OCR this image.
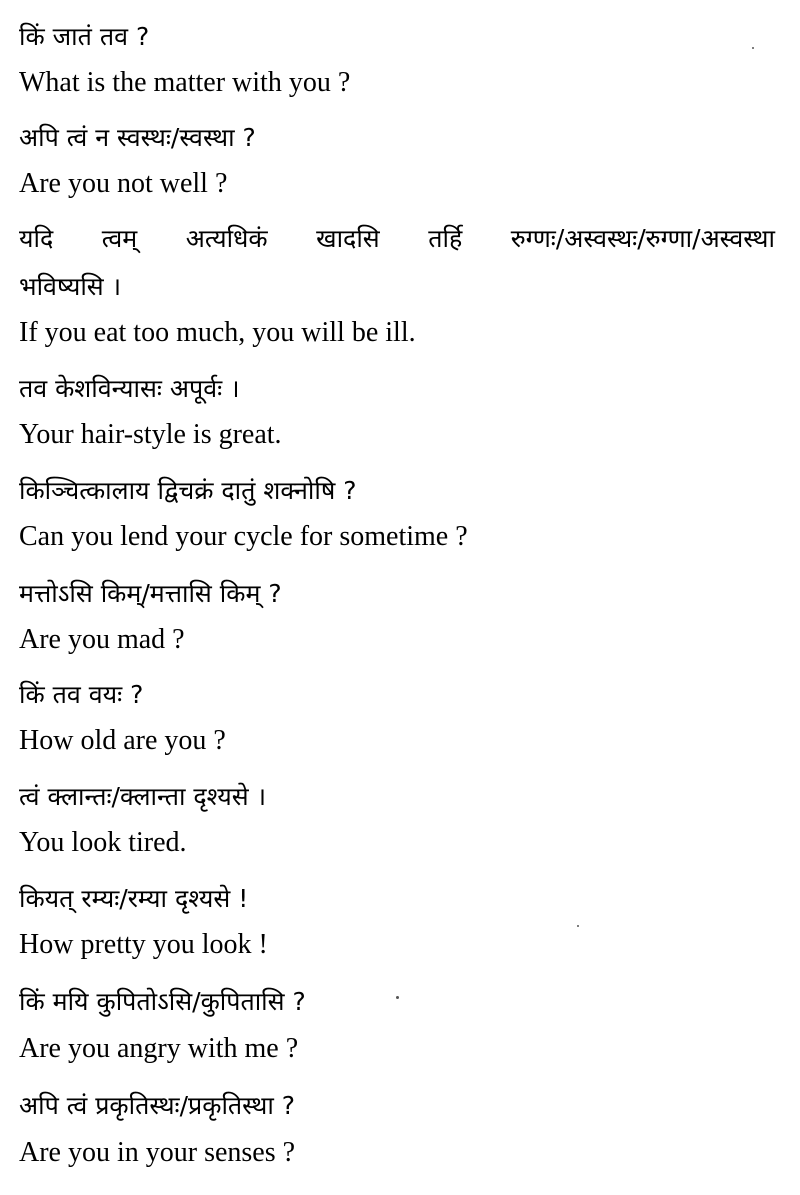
किं जातं तव ?
What is the matter with you ?
अपि त्वं न स्वस्थः/स्वस्था ?
Are you not well ?
यदि त्वम् अत्यधिकं खादसि तर्हि रुग्णः/अस्वस्थः/रुग्णा/अस्वस्था
भविष्यसि ।
If you eat too much, you will be ill.
तव केशविन्यासः अपूर्वः ।
Your hair-style is great.
किञ्चित्कालाय द्विचक्रं दातुं शक्नोषि ?
Can you lend your cycle for sometime ?
मत्तोऽसि किम्/मत्तासि किम् ?
Are you mad ?
किं तव वयः ?
How old are you ?
त्वं क्लान्तः/क्लान्ता दृश्यसे ।
You look tired.
कियत् रम्यः/रम्या दृश्यसे !
How pretty you look !
किं मयि कुपितोऽसि/कुपितासि ?
Are you angry with me ?
अपि त्वं प्रकृतिस्थः/प्रकृतिस्था ?
Are you in your senses ?
